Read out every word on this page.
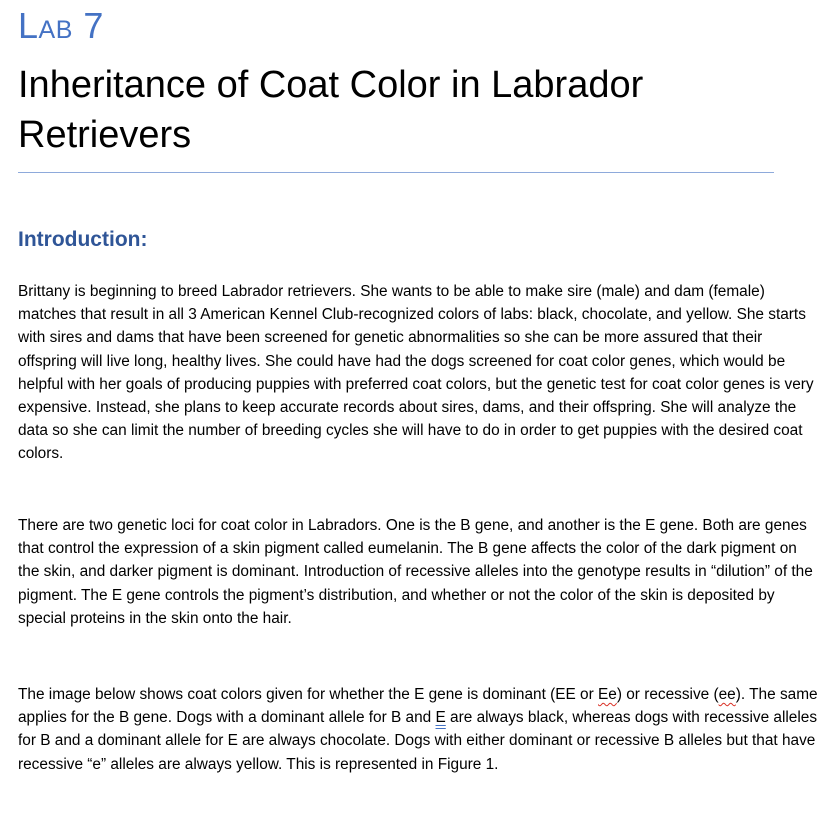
Lab 7
Inheritance of Coat Color in Labrador Retrievers
Introduction:

Brittany is beginning to breed Labrador retrievers. She wants to be able to make sire (male) and dam (female) matches that result in all 3 American Kennel Club-recognized colors of labs: black, chocolate, and yellow. She starts with sires and dams that have been screened for genetic abnormalities so she can be more assured that their offspring will live long, healthy lives. She could have had the dogs screened for coat color genes, which would be helpful with her goals of producing puppies with preferred coat colors, but the genetic test for coat color genes is very expensive. Instead, she plans to keep accurate records about sires, dams, and their offspring. She will analyze the data so she can limit the number of breeding cycles she will have to do in order to get puppies with the desired coat colors.

There are two genetic loci for coat color in Labradors. One is the B gene, and another is the E gene. Both are genes that control the expression of a skin pigment called eumelanin. The B gene affects the color of the dark pigment on the skin, and darker pigment is dominant. Introduction of recessive alleles into the genotype results in “dilution” of the pigment. The E gene controls the pigment’s distribution, and whether or not the color of the skin is deposited by special proteins in the skin onto the hair.

The image below shows coat colors given for whether the E gene is dominant (EE or Ee) or recessive (ee). The same applies for the B gene. Dogs with a dominant allele for B and E are always black, whereas dogs with recessive alleles for B and a dominant allele for E are always chocolate. Dogs with either dominant or recessive B alleles but that have recessive “e” alleles are always yellow. This is represented in Figure 1.
